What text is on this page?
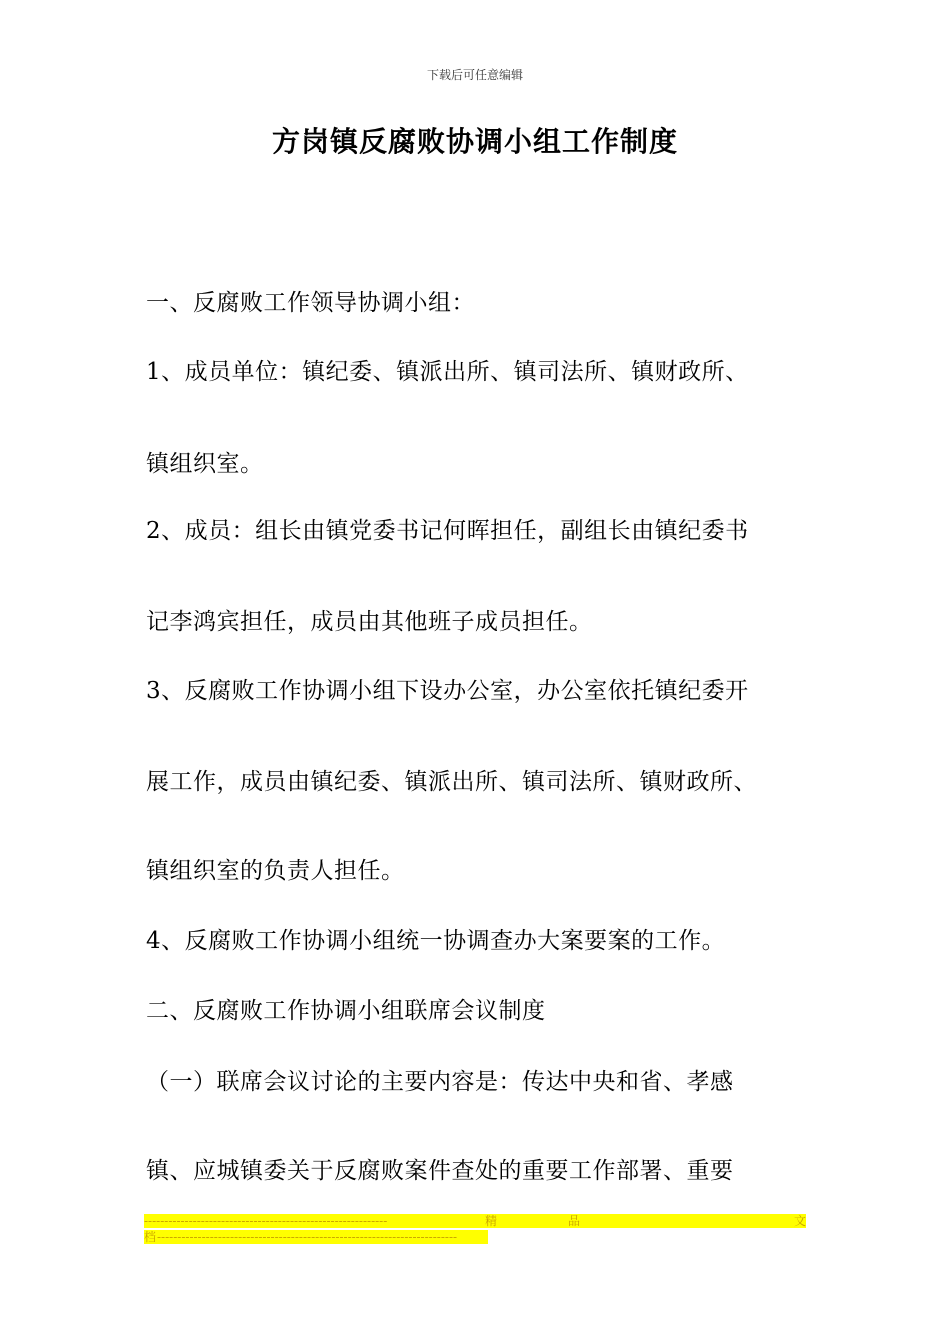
下载后可任意编辑
方岗镇反腐败协调小组工作制度
一、反腐败工作领导协调小组：
1、成员单位：镇纪委、镇派出所、镇司法所、镇财政所、
镇组织室。
2、成员：组长由镇党委书记何晖担任，副组长由镇纪委书
记李鸿宾担任，成员由其他班子成员担任。
3、反腐败工作协调小组下设办公室，办公室依托镇纪委开
展工作，成员由镇纪委、镇派出所、镇司法所、镇财政所、
镇组织室的负责人担任。
4、反腐败工作协调小组统一协调查办大案要案的工作。
二、反腐败工作协调小组联席会议制度
（一）联席会议讨论的主要内容是：传达中央和省、孝感
镇、应城镇委关于反腐败案件查处的重要工作部署、重要
------------------------------------------------------------	精	品	文
档 --------------------------------------------------------------------------
